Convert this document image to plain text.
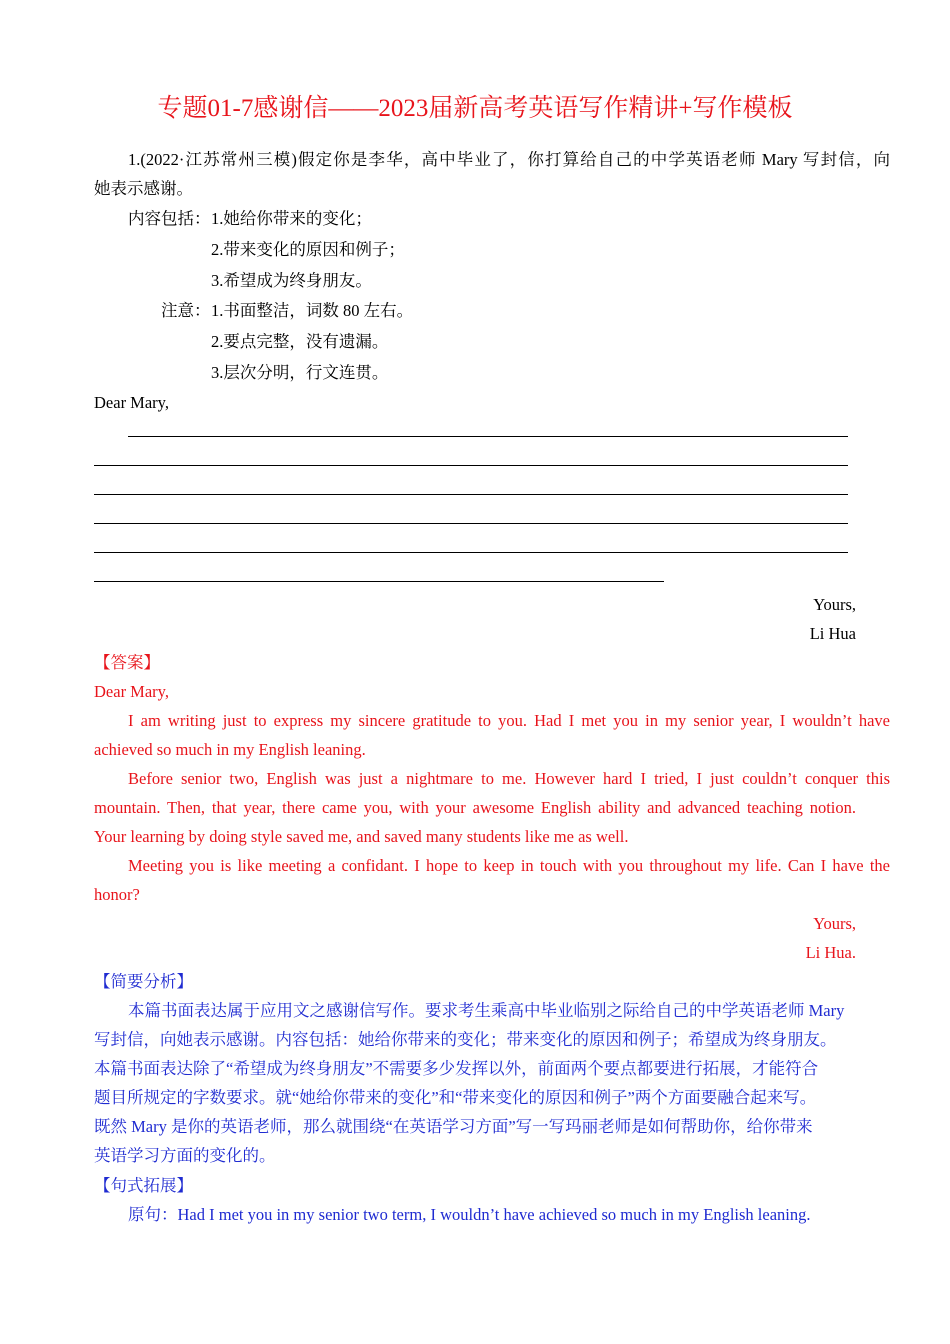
专题01-7感谢信——2023届新高考英语写作精讲+写作模板
1.(2022·江苏常州三模)假定你是李华，高中毕业了，你打算给自己的中学英语老师 Mary 写封信，向
她表示感谢。
内容包括： 1.她给你带来的变化；
2.带来变化的原因和例子；
3.希望成为终身朋友。
注意： 1.书面整洁，词数 80 左右。
2.要点完整，没有遗漏。
3.层次分明，行文连贯。
Dear Mary,
Yours,
Li Hua
【答案】
Dear Mary,
I am writing just to express my sincere gratitude to you. Had I met you in my senior year, I wouldn’t have
achieved so much in my English leaning.
Before senior two, English was just a nightmare to me. However hard I tried, I just couldn’t conquer this
mountain. Then, that year, there came you, with your awesome English ability and advanced teaching notion.
Your learning by doing style saved me, and saved many students like me as well.
Meeting you is like meeting a confidant. I hope to keep in touch with you throughout my life. Can I have the
honor?
Yours,
Li Hua.
【简要分析】
本篇书面表达属于应用文之感谢信写作。要求考生乘高中毕业临别之际给自己的中学英语老师 Mary
写封信，向她表示感谢。内容包括：她给你带来的变化；带来变化的原因和例子；希望成为终身朋友。
本篇书面表达除了“希望成为终身朋友”不需要多少发挥以外，前面两个要点都要进行拓展，才能符合
题目所规定的字数要求。就“她给你带来的变化”和“带来变化的原因和例子”两个方面要融合起来写。
既然 Mary 是你的英语老师，那么就围绕“在英语学习方面”写一写玛丽老师是如何帮助你，给你带来
英语学习方面的变化的。
【句式拓展】
原句：Had I met you in my senior two term, I wouldn’t have achieved so much in my English leaning.
